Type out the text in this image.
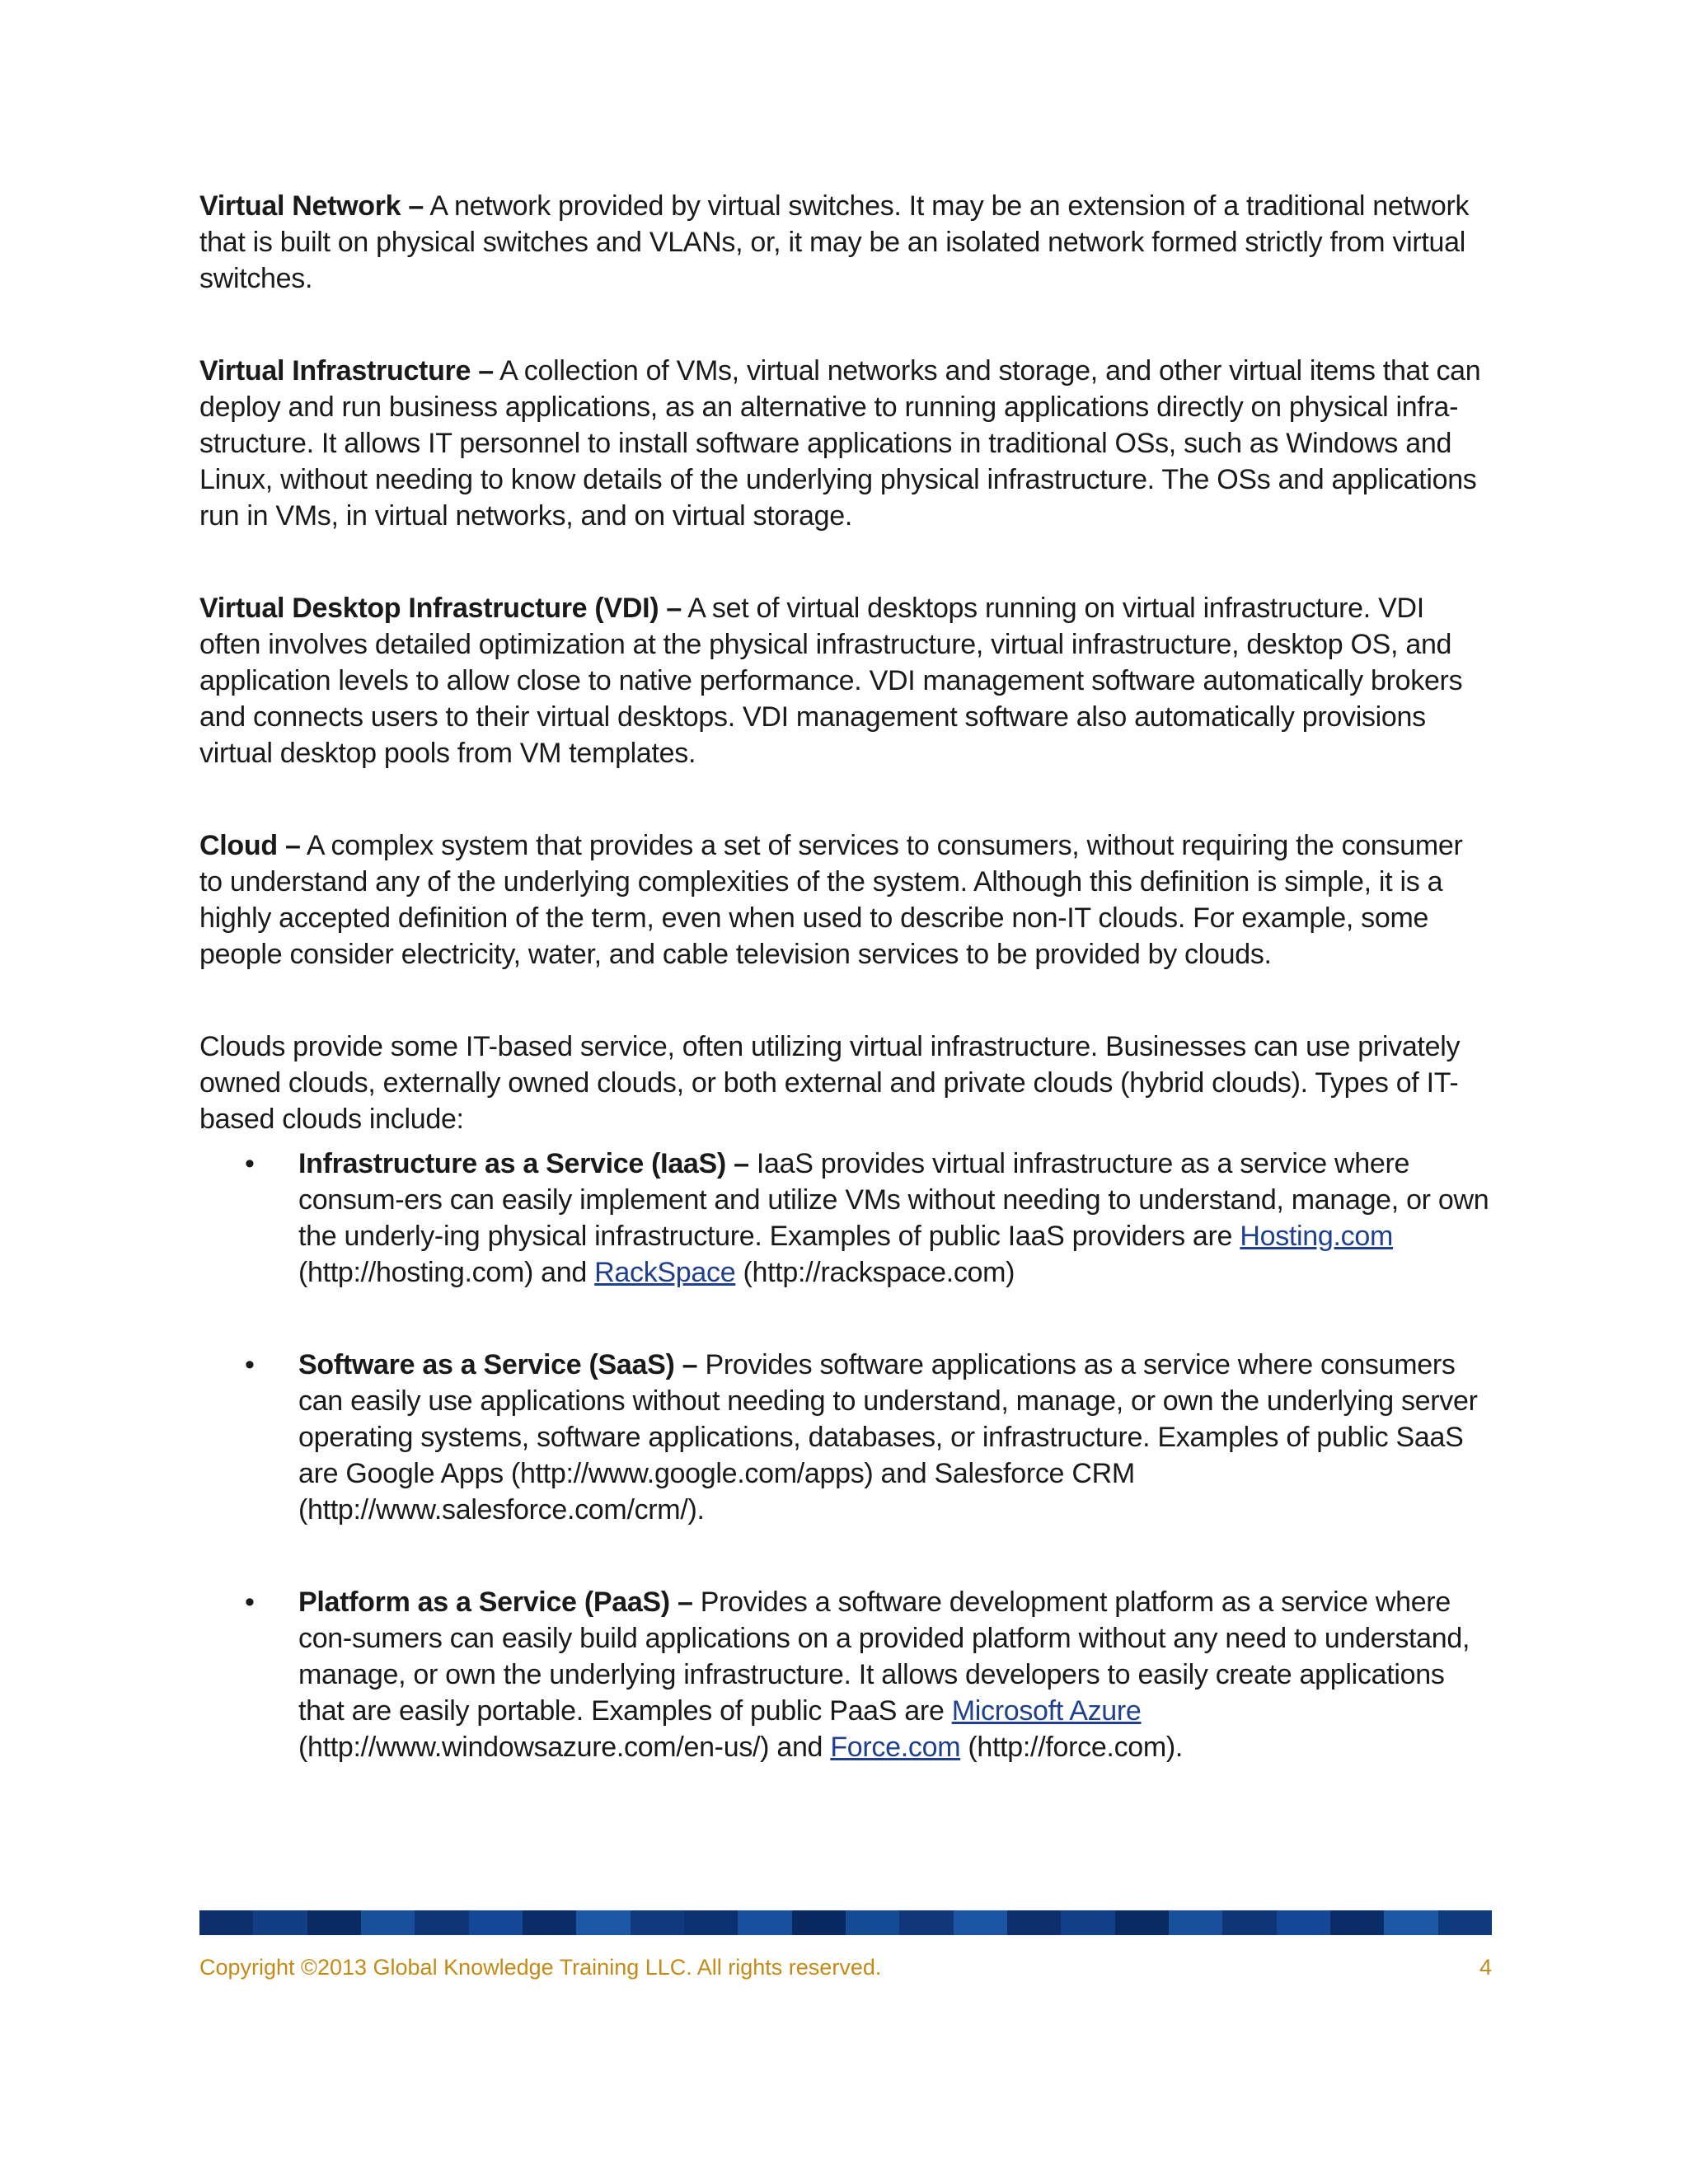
Virtual Network – A network provided by virtual switches. It may be an extension of a traditional network that is built on physical switches and VLANs, or, it may be an isolated network formed strictly from virtual switches.

Virtual Infrastructure – A collection of VMs, virtual networks and storage, and other virtual items that can deploy and run business applications, as an alternative to running applications directly on physical infra-structure. It allows IT personnel to install software applications in traditional OSs, such as Windows and Linux, without needing to know details of the underlying physical infrastructure. The OSs and applications run in VMs, in virtual networks, and on virtual storage.

Virtual Desktop Infrastructure (VDI) – A set of virtual desktops running on virtual infrastructure. VDI often involves detailed optimization at the physical infrastructure, virtual infrastructure, desktop OS, and application levels to allow close to native performance. VDI management software automatically brokers and connects users to their virtual desktops. VDI management software also automatically provisions virtual desktop pools from VM templates.

Cloud – A complex system that provides a set of services to consumers, without requiring the consumer to understand any of the underlying complexities of the system. Although this definition is simple, it is a highly accepted definition of the term, even when used to describe non-IT clouds. For example, some people consider electricity, water, and cable television services to be provided by clouds.

Clouds provide some IT-based service, often utilizing virtual infrastructure. Businesses can use privately owned clouds, externally owned clouds, or both external and private clouds (hybrid clouds). Types of IT-based clouds include:

• Infrastructure as a Service (IaaS) – IaaS provides virtual infrastructure as a service where consum-ers can easily implement and utilize VMs without needing to understand, manage, or own the underly-ing physical infrastructure. Examples of public IaaS providers are Hosting.com (http://hosting.com) and RackSpace (http://rackspace.com)
• Software as a Service (SaaS) – Provides software applications as a service where consumers can easily use applications without needing to understand, manage, or own the underlying server operating systems, software applications, databases, or infrastructure. Examples of public SaaS are Google Apps (http://www.google.com/apps) and Salesforce CRM (http://www.salesforce.com/crm/).
• Platform as a Service (PaaS) – Provides a software development platform as a service where con-sumers can easily build applications on a provided platform without any need to understand, manage, or own the underlying infrastructure. It allows developers to easily create applications that are easily portable. Examples of public PaaS are Microsoft Azure (http://www.windowsazure.com/en-us/) and Force.com (http://force.com).
Copyright ©2013 Global Knowledge Training LLC. All rights reserved.	4
